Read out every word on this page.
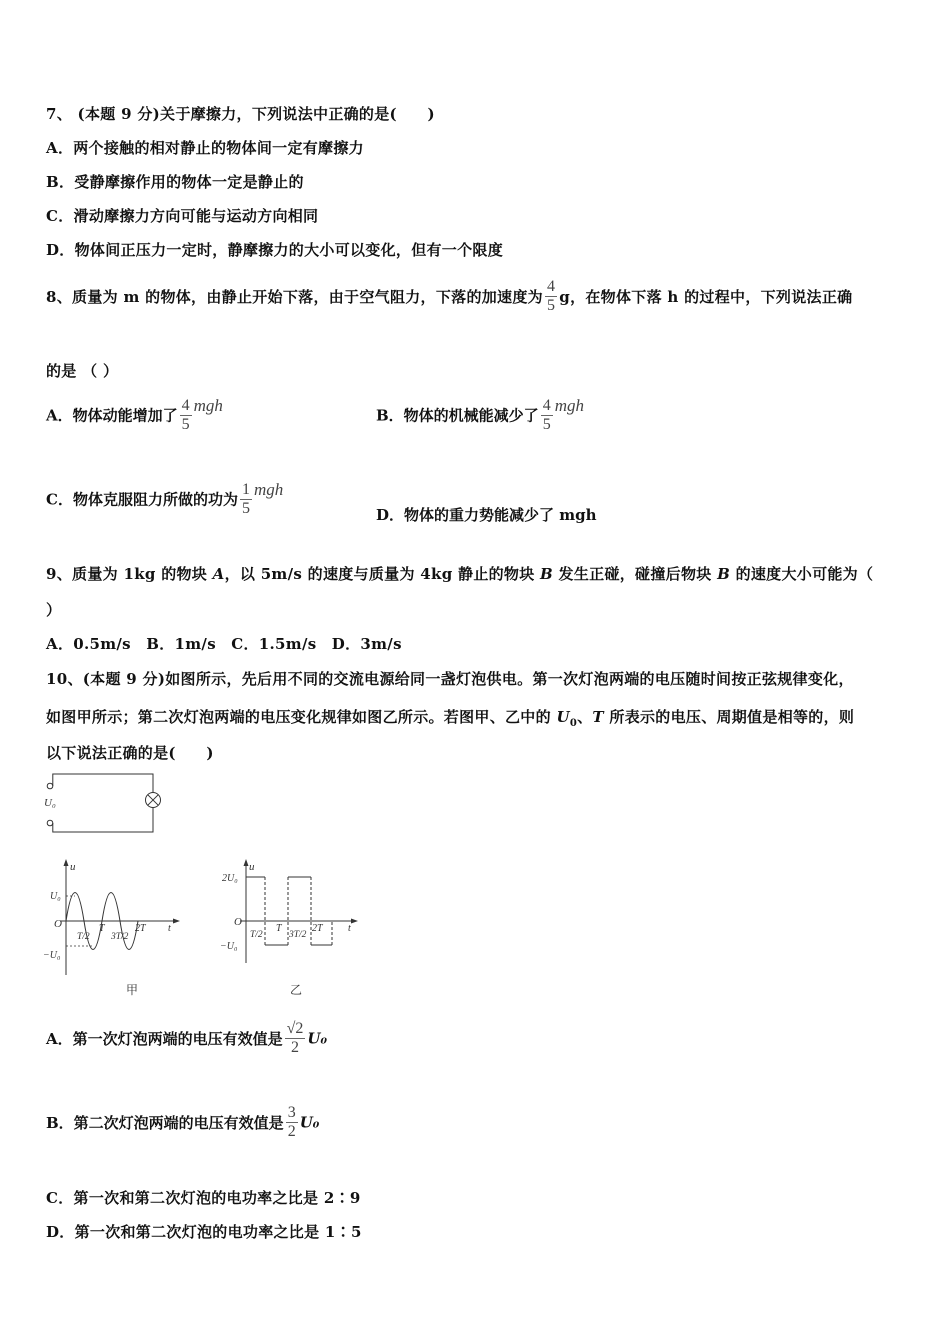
7、 (本题 9 分)关于摩擦力，下列说法中正确的是(　　)
A．两个接触的相对静止的物体间一定有摩擦力
B．受静摩擦作用的物体一定是静止的
C．滑动摩擦力方向可能与运动方向相同
D．物体间正压力一定时，静摩擦力的大小可以变化，但有一个限度
8、质量为 m 的物体，由静止开始下落，由于空气阻力，下落的加速度为 $\frac{4}{5}$ g，在物体下落 h 的过程中，下列说法正确
的是 （ ）
A．物体动能增加了 $\frac{4}{5}$ mgh
B．物体的机械能减少了 $\frac{4}{5}$ mgh
C．物体克服阻力所做的功为 $\frac{1}{5}$ mgh
D．物体的重力势能减少了 mgh
9、质量为 1kg 的物块 A，以 5m/s 的速度与质量为 4kg 静止的物块 B 发生正碰，碰撞后物块 B 的速度大小可能为（
）
A．0.5m/s　B．1m/s　C．1.5m/s　D．3m/s
10、(本题 9 分)如图所示，先后用不同的交流电源给同一盏灯泡供电。第一次灯泡两端的电压随时间按正弦规律变化，
如图甲所示；第二次灯泡两端的电压变化规律如图乙所示。若图甲、乙中的 $U_0$、T 所表示的电压、周期值是相等的，则
以下说法正确的是(　　)
U₀
u
U₀
O
−U₀
T/2
T
3T/2
2T t
甲
u
2U₀
O
−U₀
T/2
T
3T/2
2T	t
乙
A．第一次灯泡两端的电压有效值是 $\frac{√2}{2} U_0$
B．第二次灯泡两端的电压有效值是 $\frac{3}{2} U_0$
C．第一次和第二次灯泡的电功率之比是 2∶9
D．第一次和第二次灯泡的电功率之比是 1∶5
